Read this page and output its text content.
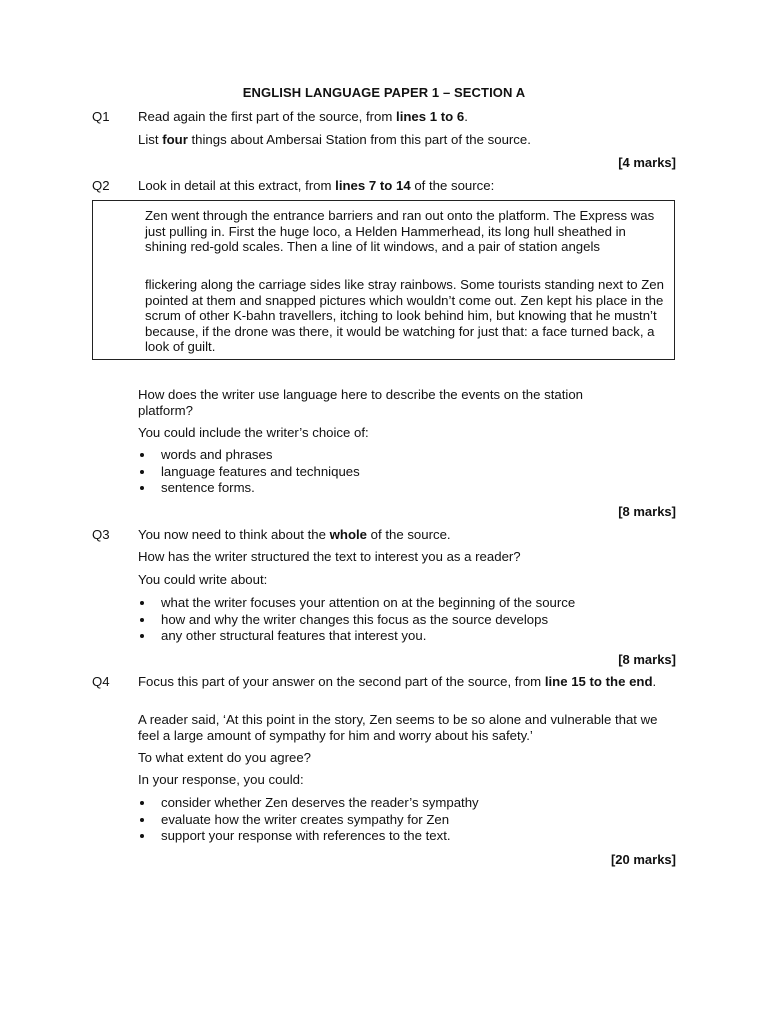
ENGLISH LANGUAGE PAPER 1 – SECTION A
Q1 Read again the first part of the source, from lines 1 to 6.
List four things about Ambersai Station from this part of the source.
[4 marks]
Q2 Look in detail at this extract, from lines 7 to 14 of the source:
Zen went through the entrance barriers and ran out onto the platform. The Express was just pulling in. First the huge loco, a Helden Hammerhead, its long hull sheathed in shining red-gold scales. Then a line of lit windows, and a pair of station angels
flickering along the carriage sides like stray rainbows. Some tourists standing next to Zen pointed at them and snapped pictures which wouldn’t come out. Zen kept his place in the scrum of other K-bahn travellers, itching to look behind him, but knowing that he mustn’t because, if the drone was there, it would be watching for just that: a face turned back, a look of guilt.
How does the writer use language here to describe the events on the station platform?
You could include the writer’s choice of:
words and phrases
language features and techniques
sentence forms.
[8 marks]
Q3 You now need to think about the whole of the source.
How has the writer structured the text to interest you as a reader?
You could write about:
what the writer focuses your attention on at the beginning of the source
how and why the writer changes this focus as the source develops
any other structural features that interest you.
[8 marks]
Q4 Focus this part of your answer on the second part of the source, from line 15 to the end.
A reader said, ‘At this point in the story, Zen seems to be so alone and vulnerable that we feel a large amount of sympathy for him and worry about his safety.’
To what extent do you agree?
In your response, you could:
consider whether Zen deserves the reader’s sympathy
evaluate how the writer creates sympathy for Zen
support your response with references to the text.
[20 marks]
